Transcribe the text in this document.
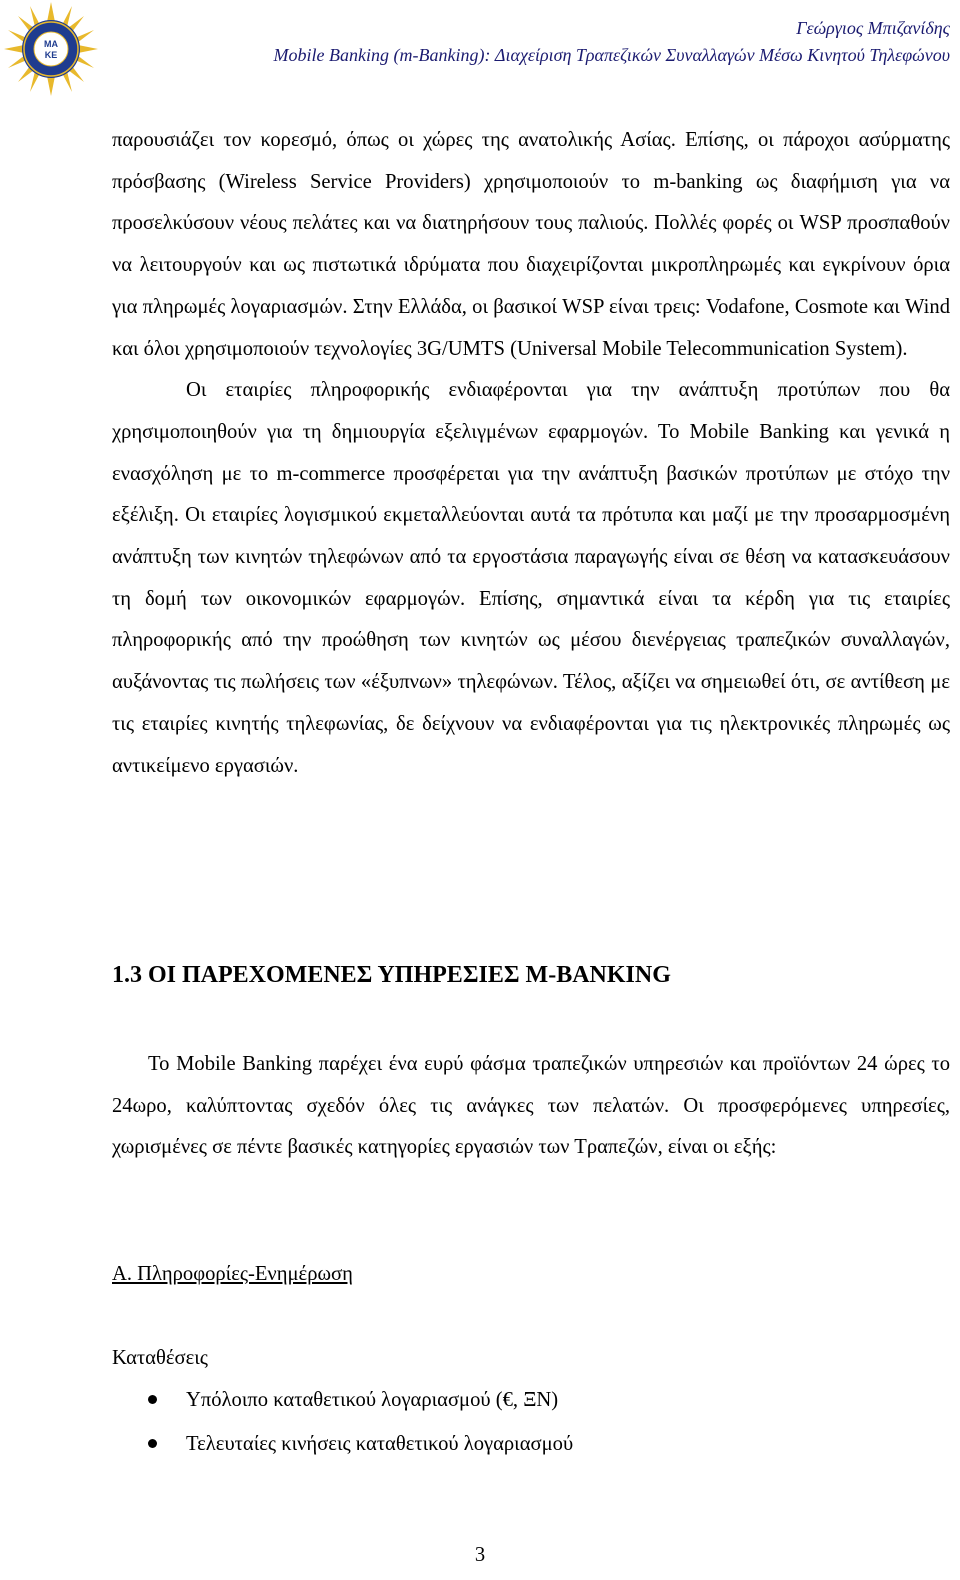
ΜΑ
ΚΕ
Γεώργιος Μπιζανίδης
Mobile Banking (m-Banking): Διαχείριση Τραπεζικών Συναλλαγών Μέσω Κινητού Τηλεφώνου

παρουσιάζει τον κορεσμό, όπως οι χώρες της ανατολικής Ασίας. Επίσης, οι πάροχοι ασύρματης πρόσβασης (Wireless Service Providers) χρησιμοποιούν το m-banking ως διαφήμιση για να προσελκύσουν νέους πελάτες και να διατηρήσουν τους παλιούς. Πολλές φορές οι WSP προσπαθούν να λειτουργούν και ως πιστωτικά ιδρύματα που διαχειρίζονται μικροπληρωμές και εγκρίνουν όρια για πληρωμές λογαριασμών. Στην Ελλάδα, οι βασικοί WSP είναι τρεις: Vodafone, Cosmote και Wind και όλοι χρησιμοποιούν τεχνολογίες 3G/UMTS (Universal Mobile Telecommunication System).

Οι εταιρίες πληροφορικής ενδιαφέρονται για την ανάπτυξη προτύπων που θα χρησιμοποιηθούν για τη δημιουργία εξελιγμένων εφαρμογών. Το Mobile Banking και γενικά η ενασχόληση με το m-commerce προσφέρεται για την ανάπτυξη βασικών προτύπων με στόχο την εξέλιξη. Οι εταιρίες λογισμικού εκμεταλλεύονται αυτά τα πρότυπα και μαζί με την προσαρμοσμένη ανάπτυξη των κινητών τηλεφώνων από τα εργοστάσια παραγωγής είναι σε θέση να κατασκευάσουν τη δομή των οικονομικών εφαρμογών. Επίσης, σημαντικά είναι τα κέρδη για τις εταιρίες πληροφορικής από την προώθηση των κινητών ως μέσου διενέργειας τραπεζικών συναλλαγών, αυξάνοντας τις πωλήσεις των «έξυπνων» τηλεφώνων. Τέλος, αξίζει να σημειωθεί ότι, σε αντίθεση με τις εταιρίες κινητής τηλεφωνίας, δε δείχνουν να ενδιαφέρονται για τις ηλεκτρονικές πληρωμές ως αντικείμενο εργασιών.

1.3 ΟΙ ΠΑΡΕΧΟΜΕΝΕΣ ΥΠΗΡΕΣΙΕΣ M-BANKING

Το Mobile Banking παρέχει ένα ευρύ φάσμα τραπεζικών υπηρεσιών και προϊόντων 24 ώρες το 24ωρο, καλύπτοντας σχεδόν όλες τις ανάγκες των πελατών. Οι προσφερόμενες υπηρεσίες, χωρισμένες σε πέντε βασικές κατηγορίες εργασιών των Τραπεζών, είναι οι εξής:

Α. Πληροφορίες-Ενημέρωση

Καταθέσεις

Υπόλοιπο καταθετικού λογαριασμού (€, ΞΝ)
Τελευταίες κινήσεις καταθετικού λογαριασμού
3
